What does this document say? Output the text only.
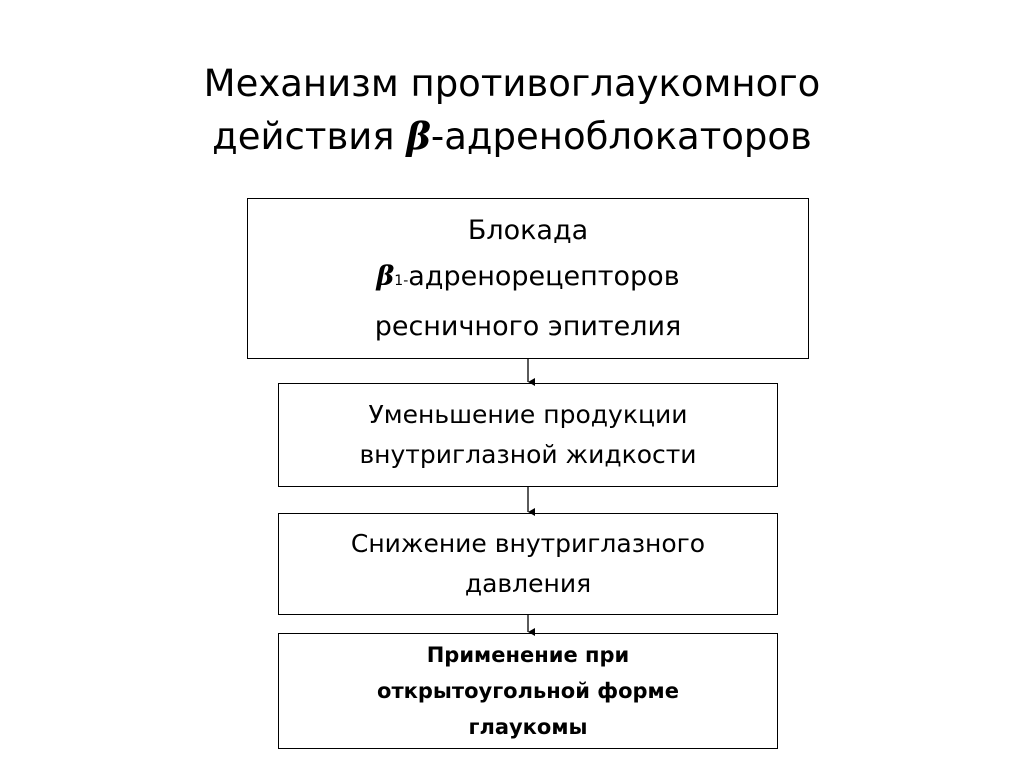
Механизм противоглаукомного
действия β-адреноблокаторов
Блокада
β1-адренорецепторов
ресничного эпителия
Уменьшение продукции
внутриглазной жидкости
Снижение внутриглазного
давления
Применение при
открытоугольной форме
глаукомы
